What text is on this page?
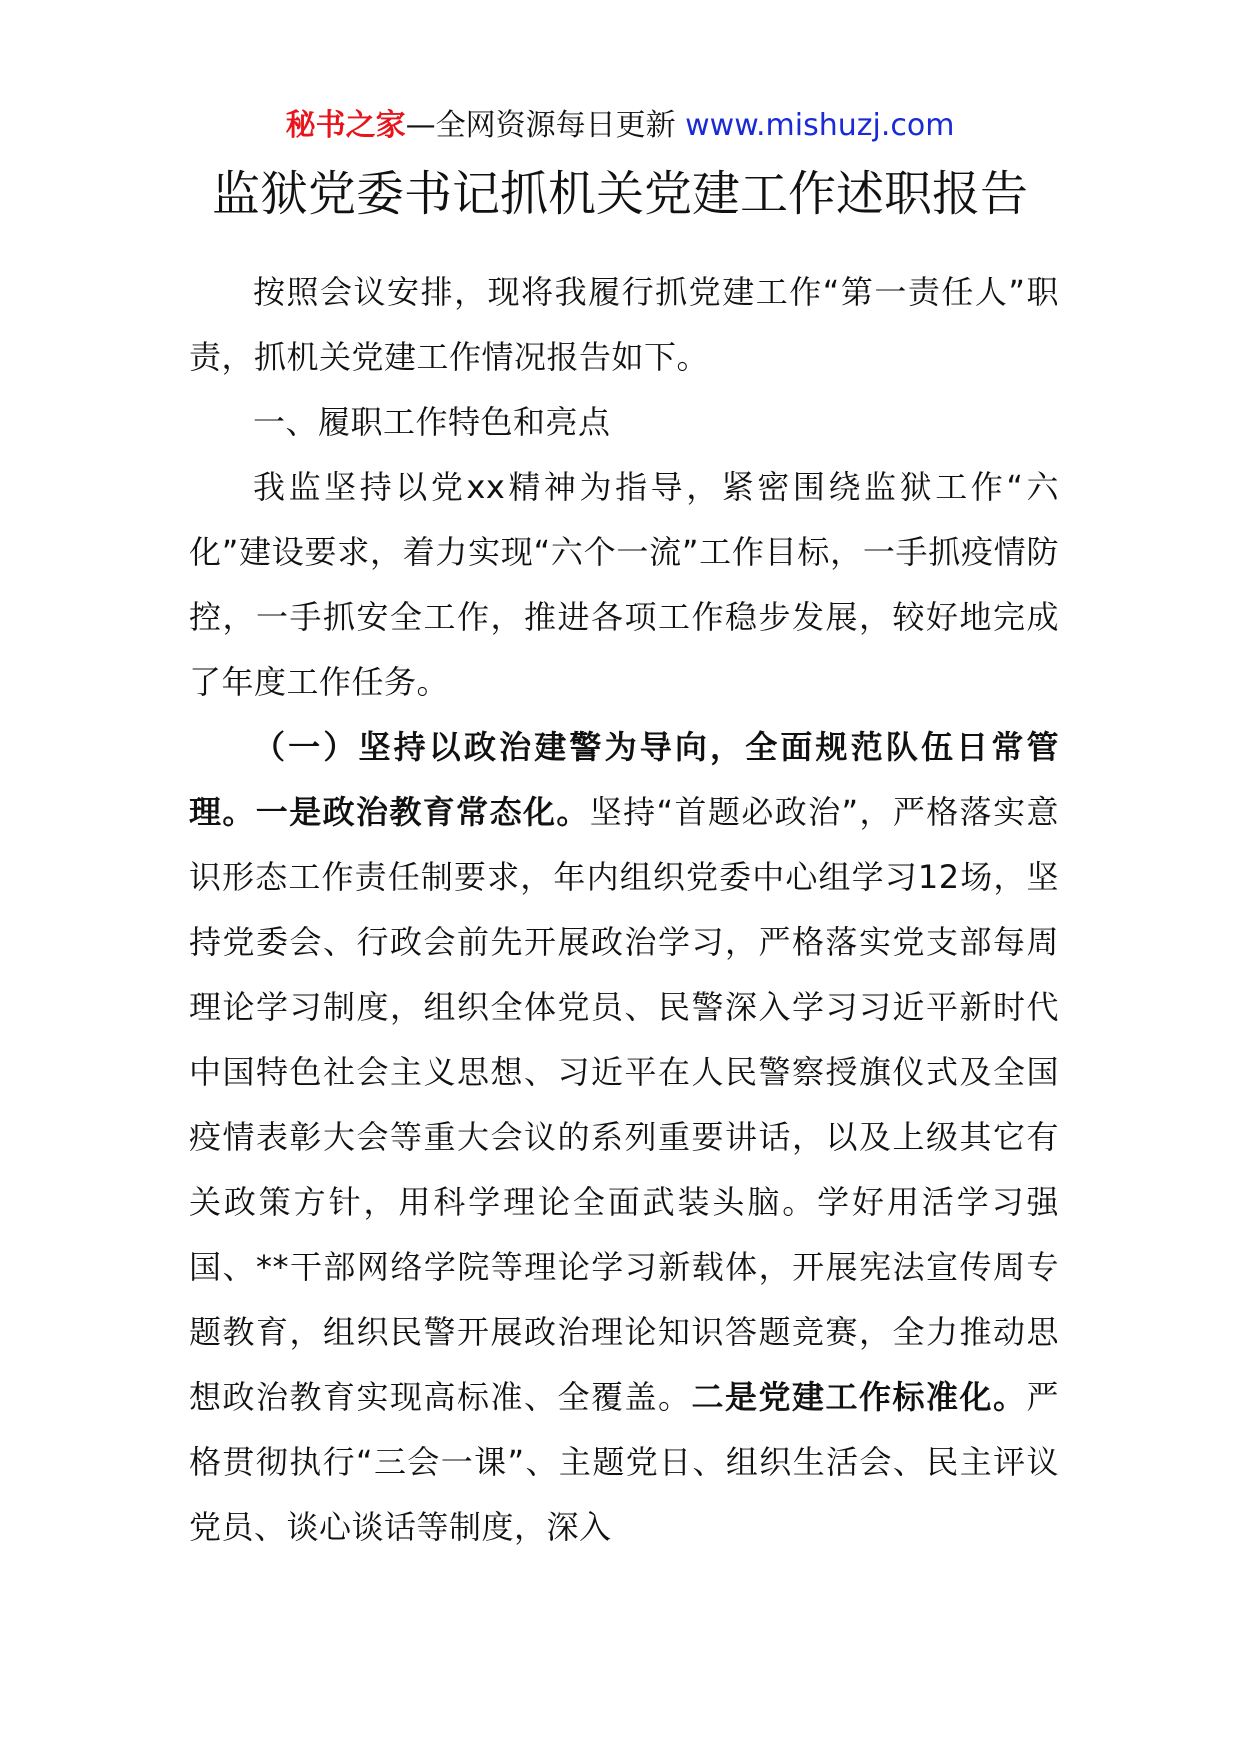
秘书之家—全网资源每日更新 www.mishuzj.com
监狱党委书记抓机关党建工作述职报告

按照会议安排，现将我履行抓党建工作“第一责任人”职责，抓机关党建工作情况报告如下。

一、履职工作特色和亮点

我监坚持以党xx精神为指导，紧密围绕监狱工作“六化”建设要求，着力实现“六个一流”工作目标，一手抓疫情防控，一手抓安全工作，推进各项工作稳步发展，较好地完成了年度工作任务。

（一）坚持以政治建警为导向，全面规范队伍日常管理。一是政治教育常态化。坚持“首题必政治”，严格落实意识形态工作责任制要求，年内组织党委中心组学习12场，坚持党委会、行政会前先开展政治学习，严格落实党支部每周理论学习制度，组织全体党员、民警深入学习习近平新时代中国特色社会主义思想、习近平在人民警察授旗仪式及全国疫情表彰大会等重大会议的系列重要讲话，以及上级其它有关政策方针，用科学理论全面武装头脑。学好用活学习强国、**干部网络学院等理论学习新载体，开展宪法宣传周专题教育，组织民警开展政治理论知识答题竞赛，全力推动思想政治教育实现高标准、全覆盖。二是党建工作标准化。严格贯彻执行“三会一课”、主题党日、组织生活会、民主评议党员、谈心谈话等制度，深入
